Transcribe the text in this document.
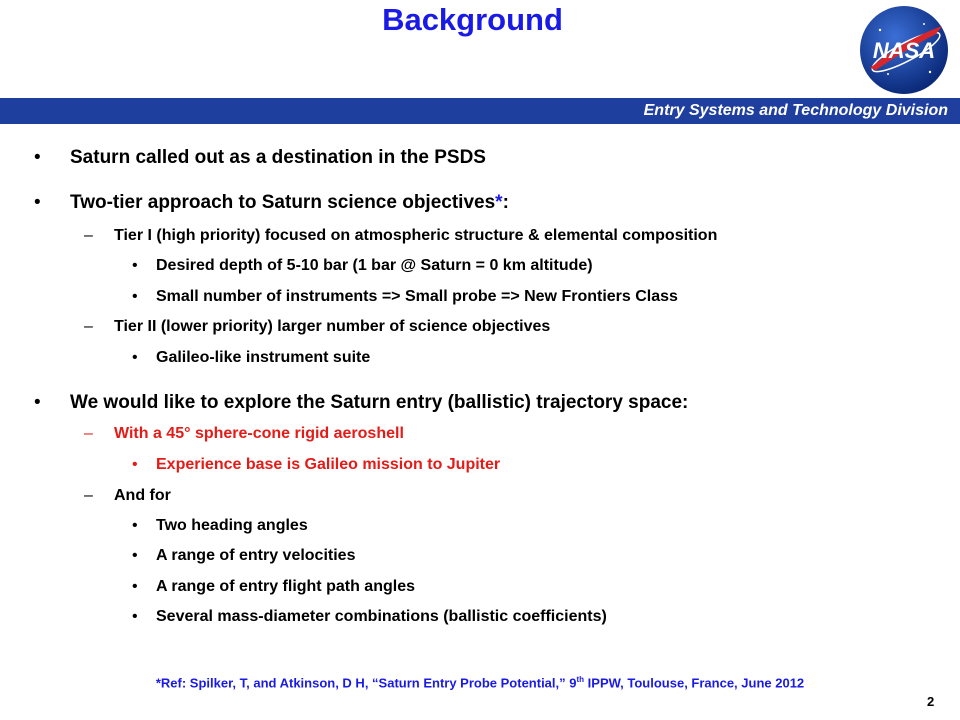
Background
NASA
Entry Systems and Technology Division
• Saturn called out as a destination in the PSDS
• Two-tier approach to Saturn science objectives*:
– Tier I (high priority) focused on atmospheric structure & elemental composition
• Desired depth of 5-10 bar (1 bar @ Saturn = 0 km altitude)
• Small number of instruments => Small probe => New Frontiers Class
– Tier II (lower priority) larger number of science objectives
• Galileo-like instrument suite
• We would like to explore the Saturn entry (ballistic) trajectory space:
– With a 45° sphere-cone rigid aeroshell
• Experience base is Galileo mission to Jupiter
– And for
• Two heading angles
• A range of entry velocities
• A range of entry flight path angles
• Several mass-diameter combinations (ballistic coefficients)
*Ref: Spilker, T, and Atkinson, D H, “Saturn Entry Probe Potential,” 9th IPPW, Toulouse, France, June 2012
2
